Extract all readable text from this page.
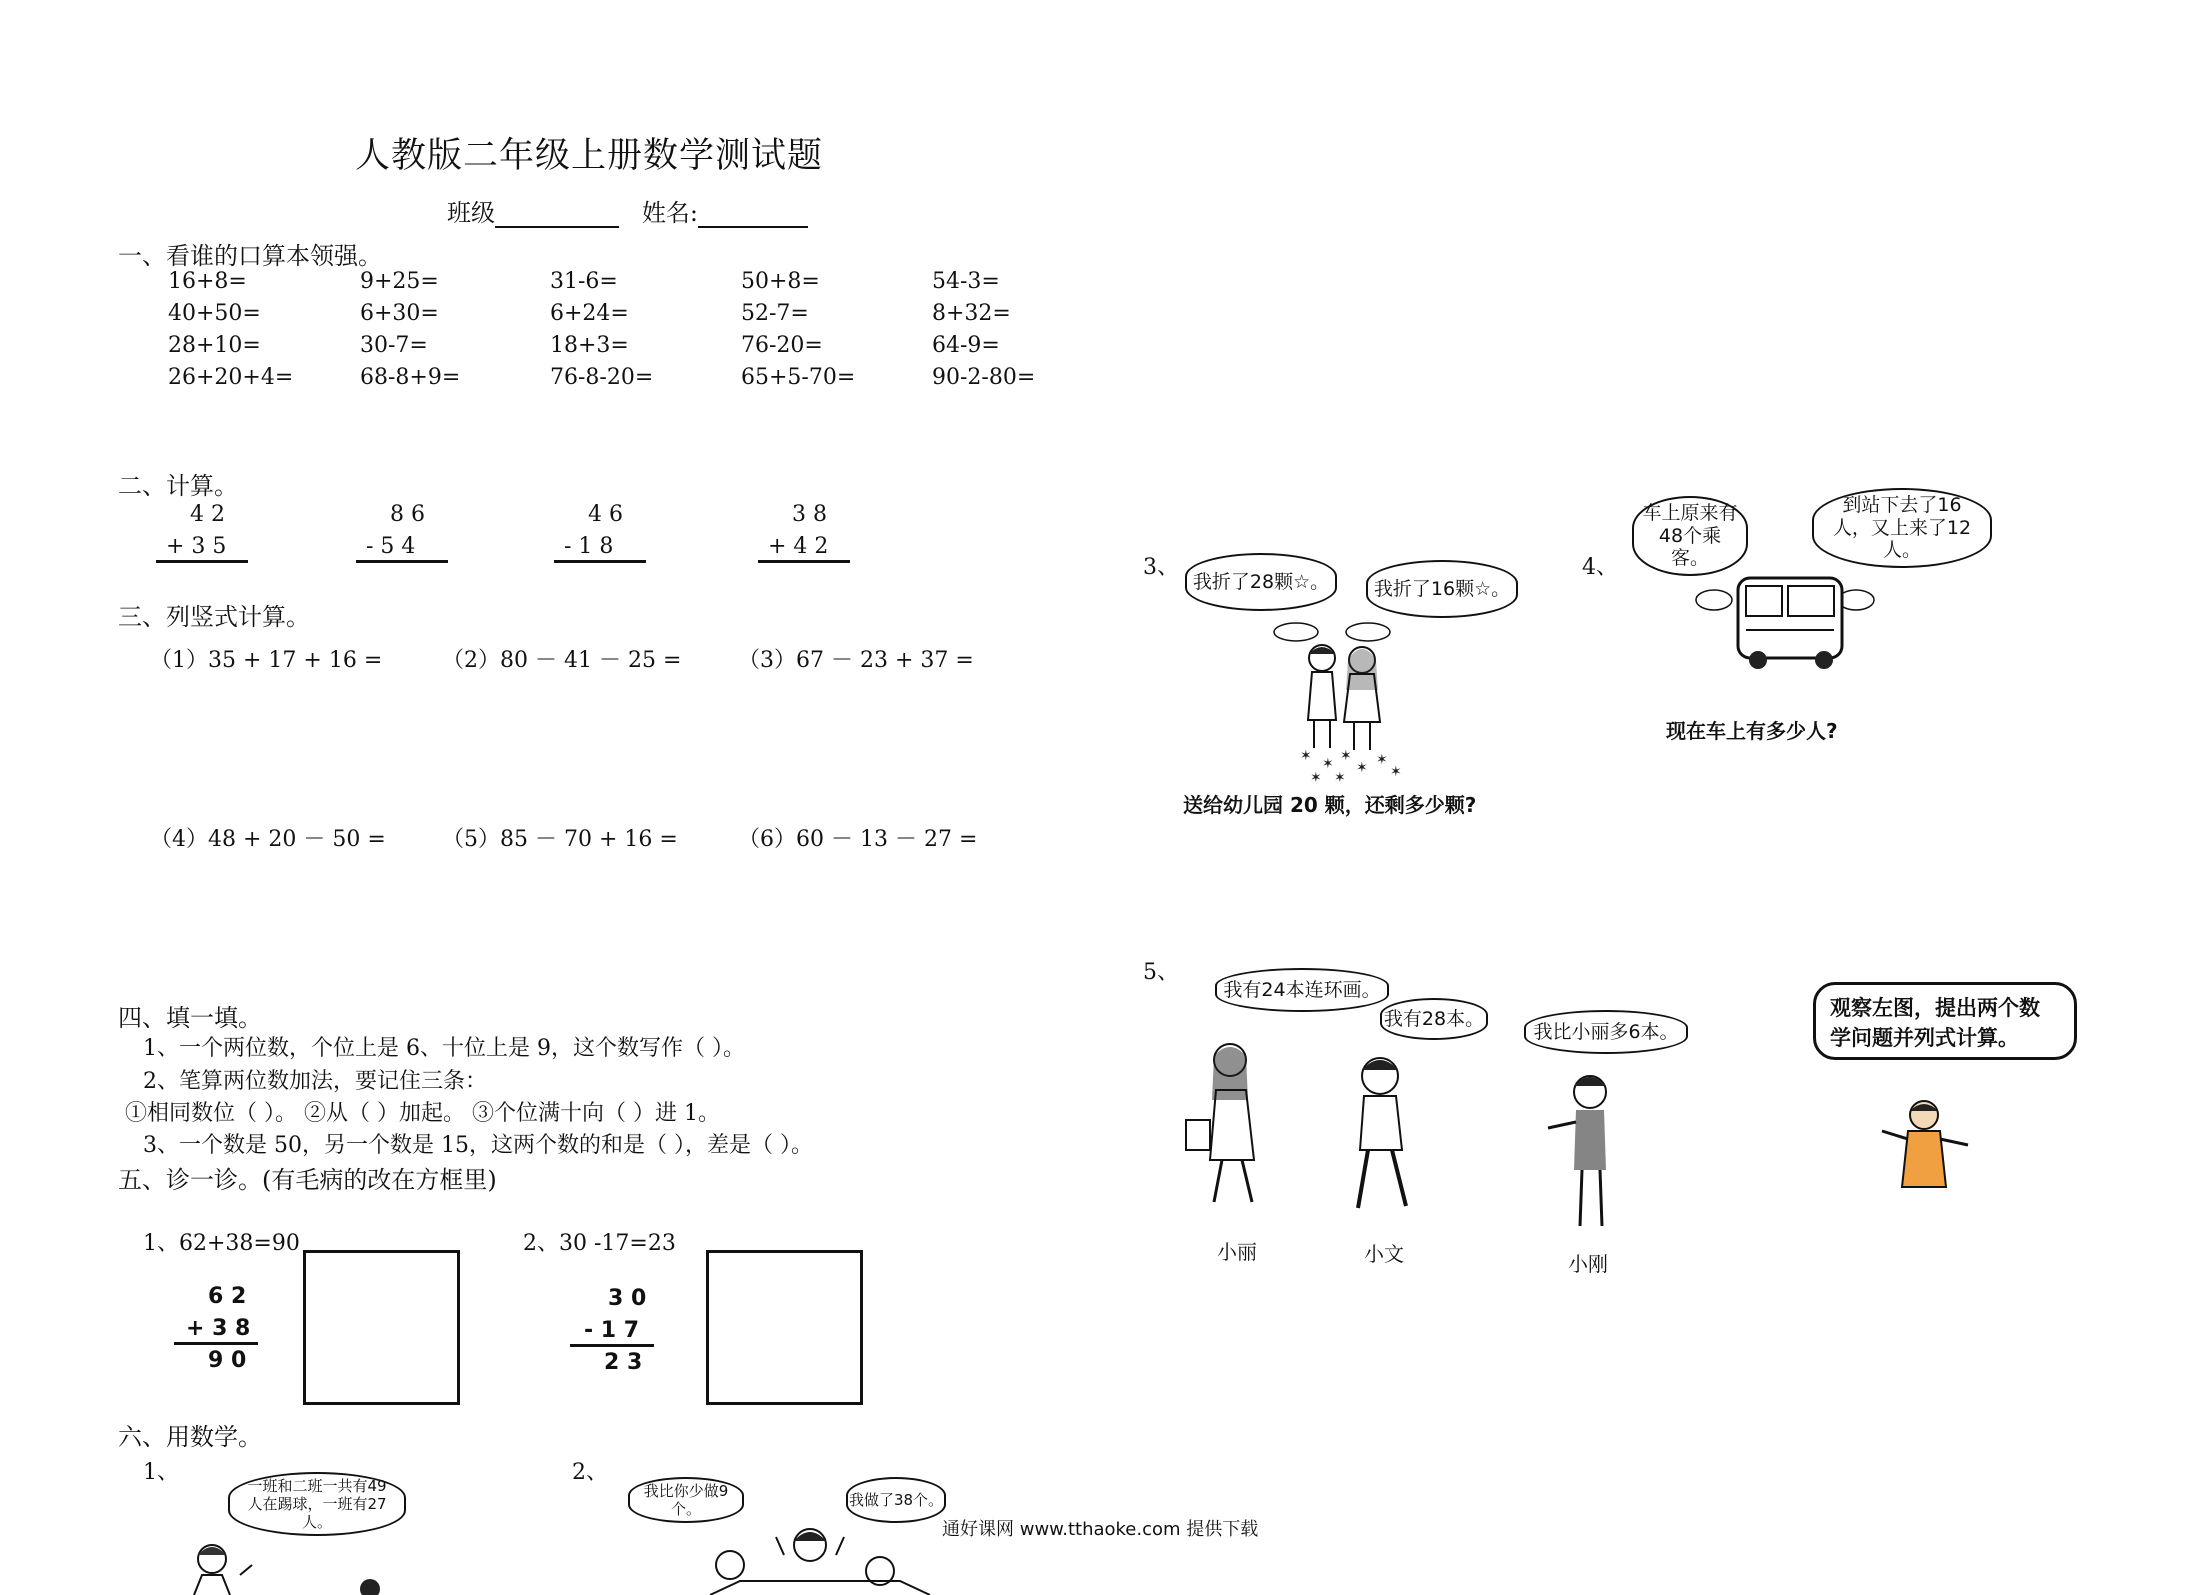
人教版二年级上册数学测试题
班级	姓名:
一、看谁的口算本领强。
16+8=	9+25=	31-6=	50+8=	54-3=
40+50=	6+30=	6+24=	52-7=	8+32=
28+10=	30-7=	18+3=	76-20=	64-9=
26+20+4=	68-8+9=	76-8-20=	65+5-70=	90-2-80=
二、计算。
4 2
+ 3 5
8 6
- 5 4
4 6
- 1 8
3 8
+ 4 2
三、列竖式计算。
（1）35 + 17 + 16 =	（2）80 － 41 － 25 =	（3）67 － 23 + 37 =
（4）48 + 20 － 50 =	（5）85 － 70 + 16 =	（6）60 － 13 － 27 =
四、填一填。
1、一个两位数，个位上是 6、十位上是 9，这个数写作（ ）。
2、笔算两位数加法，要记住三条：
①相同数位（ ）。 ②从（ ）加起。 ③个位满十向（ ）进 1。
3、一个数是 50，另一个数是 15，这两个数的和是（ ），差是（ ）。
五、诊一诊。(有毛病的改在方框里)
1、62+38=90
6 2
+ 3 8
9 0
2、30 -17=23
3 0
- 1 7
2 3
六、用数学。
1、
一班和二班一共有49人在踢球，一班有27人。
2、
我比你少做9个。	我做了38个。
3、
我折了28颗☆。 我折了16颗☆。
✶ ✶ ✶
✶ ✶
✶ ✶	✶
送给幼儿园 20 颗，还剩多少颗?
4、
车上原来有48个乘客。
到站下去了16人，又上来了12人。
现在车上有多少人?
5、
我有24本连环画。
我有28本。
我比小丽多6本。
小丽	小文	小刚
观察左图，提出两个数学问题并列式计算。
通好课网 www.tthaoke.com 提供下载
